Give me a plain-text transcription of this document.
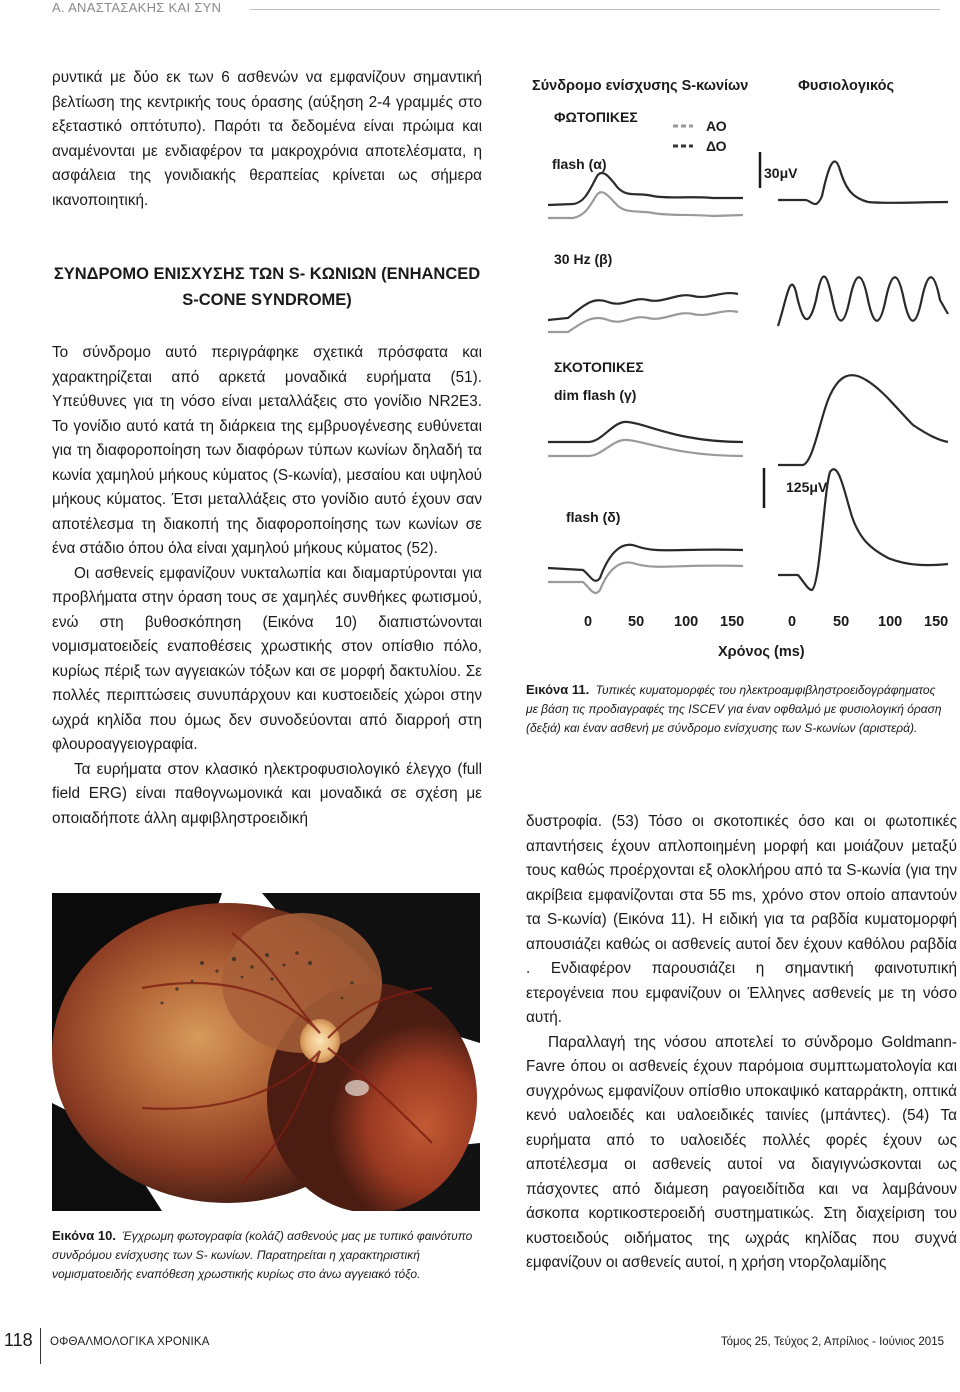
Α. ΑΝΑΣΤΑΣΑΚΗΣ ΚΑΙ ΣΥΝ

ρυντικά με δύο εκ των 6 ασθενών να εμφανίζουν σημαντική βελτίωση της κεντρικής τους όρασης (αύξηση 2-4 γραμμές στο εξεταστικό οπτότυπο). Παρότι τα δεδομένα είναι πρώιμα και αναμένονται με ενδιαφέρον τα μακροχρόνια αποτελέσματα, η ασφάλεια της γονιδιακής θεραπείας κρίνεται ως σήμερα ικανοποιητική.

ΣΥΝΔΡΟΜΟ ΕΝΙΣΧΥΣΗΣ ΤΩΝ S- ΚΩΝΙΩΝ (ENHANCED
S-CONE SYNDROME)

Το σύνδρομο αυτό περιγράφηκε σχετικά πρόσφατα και χαρακτηρίζεται από αρκετά μοναδικά ευρήματα (51). Υπεύθυνες για τη νόσο είναι μεταλλάξεις στο γονίδιο NR2E3. Το γονίδιο αυτό κατά τη διάρκεια της εμβρυογένεσης ευθύνεται για τη διαφοροποίηση των διαφόρων τύπων κωνίων δηλαδή τα κωνία χαμηλού μήκους κύματος (S-κωνία), μεσαίου και υψηλού μήκους κύματος. Έτσι μεταλλάξεις στο γονίδιο αυτό έχουν σαν αποτέλεσμα τη διακοπή της διαφοροποίησης των κωνίων σε ένα στάδιο όπου όλα είναι χαμηλού μήκους κύματος (52).

Οι ασθενείς εμφανίζουν νυκταλωπία και διαμαρτύρονται για προβλήματα στην όραση τους σε χαμηλές συνθήκες φωτισμού, ενώ στη βυθοσκόπηση (Εικόνα 10) διαπιστώνονται νομισματοειδείς εναποθέσεις χρωστικής στον οπίσθιο πόλο, κυρίως πέριξ των αγγειακών τόξων και σε μορφή δακτυλίου. Σε πολλές περιπτώσεις συνυπάρχουν και κυστοειδείς χώροι στην ωχρά κηλίδα που όμως δεν συνοδεύονται από διαρροή στη φλουροαγγειογραφία.

Τα ευρήματα στον κλασικό ηλεκτροφυσιολογικό έλεγχο (full field ERG) είναι παθογνωμονικά και μοναδικά σε σχέση με οποιαδήποτε άλλη αμφιβληστροειδική

Εικόνα 10. Έγχρωμη φωτογραφία (κολάζ) ασθενούς μας με τυπικό φαινότυπο συνδρόμου ενίσχυσης των S- κωνίων. Παρατηρείται η χαρακτηριστική νομισματοειδής εναπόθεση χρωστικής κυρίως στο άνω αγγειακό τόξο.
Σύνδρομο ενίσχυσης S-κωνίων	Φυσιολογικός
ΦΩΤΟΠΙΚΕΣ
ΑΟ
ΔΟ
flash (α)
30μV
30 Hz (β)
ΣΚΟΤΟΠΙΚΕΣ
dim flash (γ)
125μV
flash (δ)
0 50 100 150	0	50 100 150
Χρόνος (ms)
Εικόνα 11. Τυπικές κυματομορφές του ηλεκτροαμφιβληστροειδογράφηματος με βάση τις προδιαγραφές της ISCEV για έναν οφθαλμό με φυσιολογική όραση (δεξιά) και έναν ασθενή με σύνδρομο ενίσχυσης των S-κωνίων (αριστερά).

δυστροφία. (53) Τόσο οι σκοτοπικές όσο και οι φωτοπικές απαντήσεις έχουν απλοποιημένη μορφή και μοιάζουν μεταξύ τους καθώς προέρχονται εξ ολοκλήρου από τα S-κωνία (για την ακρίβεια εμφανίζονται στα 55 ms, χρόνο στον οποίο απαντούν τα S-κωνία) (Εικόνα 11). Η ειδική για τα ραβδία κυματομορφή απουσιάζει καθώς οι ασθενείς αυτοί δεν έχουν καθόλου ραβδία . Ενδιαφέρον παρουσιάζει η σημαντική φαινοτυπική ετερογένεια που εμφανίζουν οι Έλληνες ασθενείς με τη νόσο αυτή.

Παραλλαγή της νόσου αποτελεί το σύνδρομο Goldmann-Favre όπου οι ασθενείς έχουν παρόμοια συμπτωματολογία και συγχρόνως εμφανίζουν οπίσθιο υποκαψικό καταρράκτη, οπτικά κενό υαλοειδές και υαλοειδικές ταινίες (μπάντες). (54) Τα ευρήματα από το υαλοειδές πολλές φορές έχουν ως αποτέλεσμα οι ασθενείς αυτοί να διαγιγνώσκονται ως πάσχοντες από διάμεση ραγοειδίτιδα και να λαμβάνουν άσκοπα κορτικοστεροειδή συστηματικώς. Στη διαχείριση του κυστοειδούς οιδήματος της ωχράς κηλίδας που συχνά εμφανίζουν οι ασθενείς αυτοί, η χρήση ντορζολαμίδης

118 ΟΦΘΑΛΜΟΛΟΓΙΚΑ ΧΡΟΝΙΚΑ	Τόμος 25, Τεύχος 2, Απρίλιος - Ιούνιος 2015
